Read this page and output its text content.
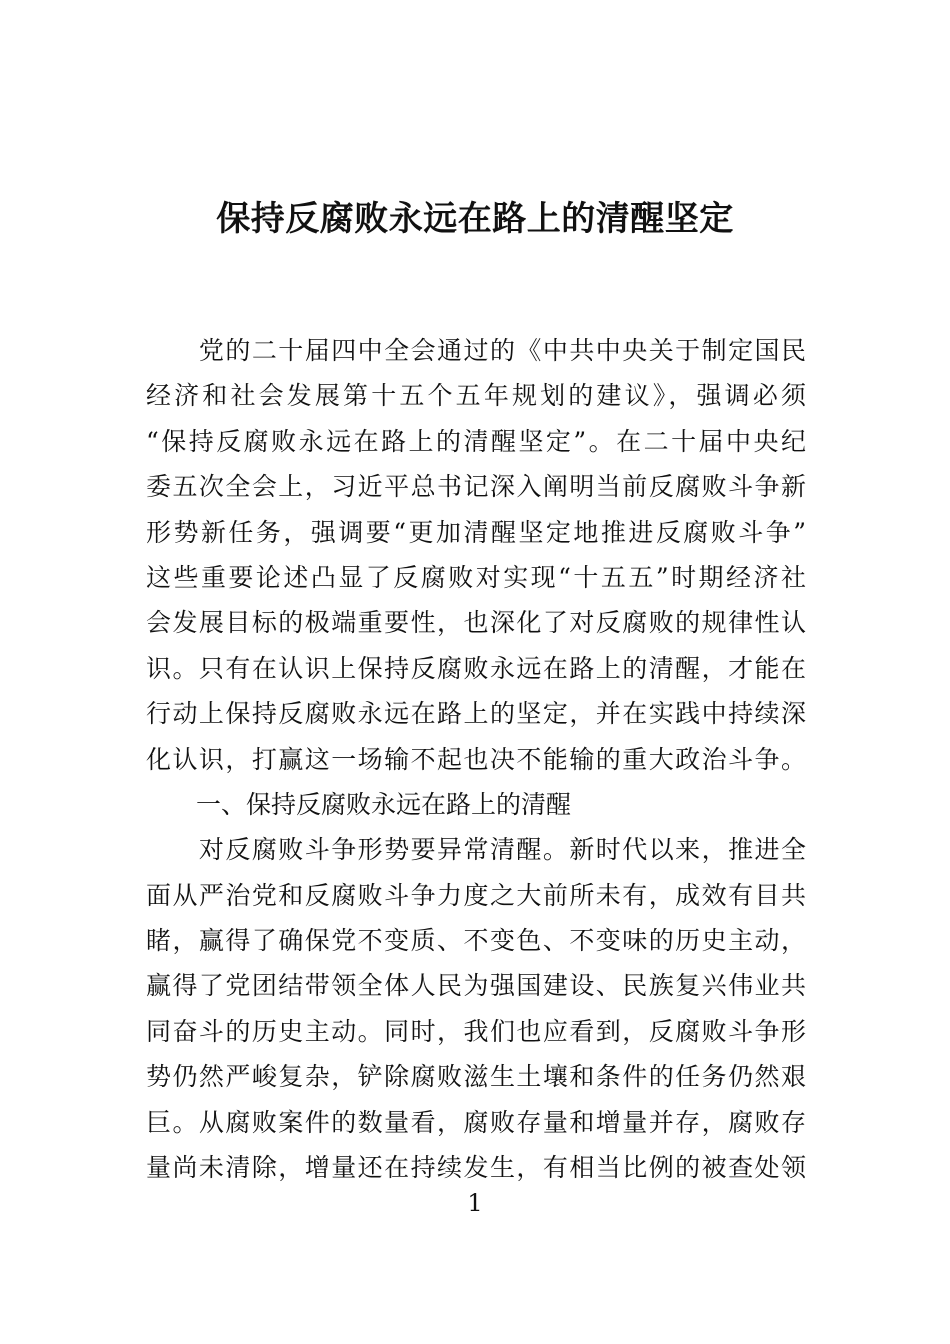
保持反腐败永远在路上的清醒坚定
　　党的二十届四中全会通过的《中共中央关于制定国民
经济和社会发展第十五个五年规划的建议》，强调必须
“保持反腐败永远在路上的清醒坚定”。在二十届中央纪
委五次全会上，习近平总书记深入阐明当前反腐败斗争新
形势新任务，强调要“更加清醒坚定地推进反腐败斗争”
这些重要论述凸显了反腐败对实现“十五五”时期经济社
会发展目标的极端重要性，也深化了对反腐败的规律性认
识。只有在认识上保持反腐败永远在路上的清醒，才能在
行动上保持反腐败永远在路上的坚定，并在实践中持续深
化认识，打赢这一场输不起也决不能输的重大政治斗争。
一、保持反腐败永远在路上的清醒
　　对反腐败斗争形势要异常清醒。新时代以来，推进全
面从严治党和反腐败斗争力度之大前所未有，成效有目共
睹，赢得了确保党不变质、不变色、不变味的历史主动，
赢得了党团结带领全体人民为强国建设、民族复兴伟业共
同奋斗的历史主动。同时，我们也应看到，反腐败斗争形
势仍然严峻复杂，铲除腐败滋生土壤和条件的任务仍然艰
巨。从腐败案件的数量看，腐败存量和增量并存，腐败存
量尚未清除，增量还在持续发生，有相当比例的被查处领
1
